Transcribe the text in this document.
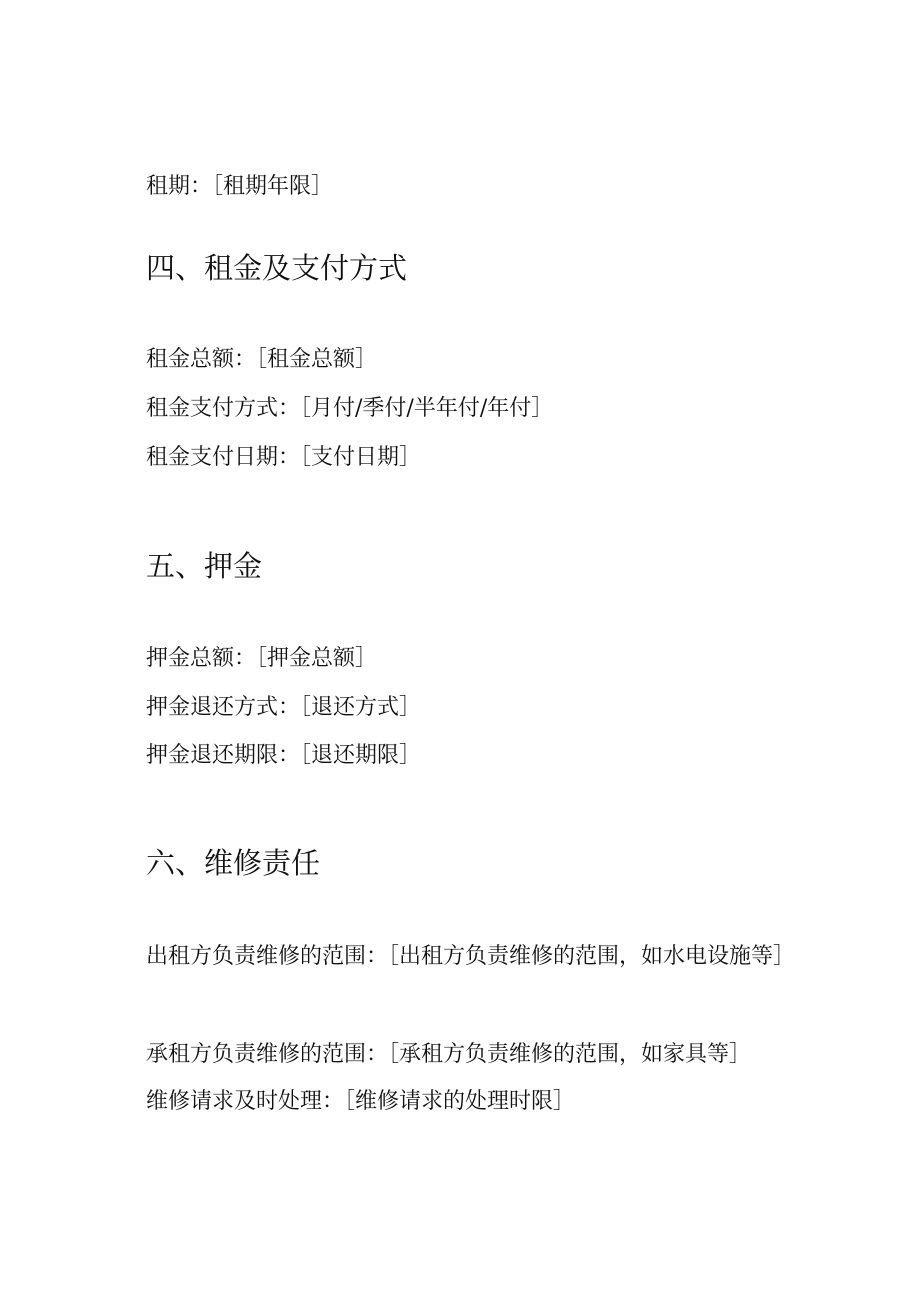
租期：［租期年限］
四、租金及支付方式
租金总额：［租金总额］
租金支付方式：［月付/季付/半年付/年付］
租金支付日期：［支付日期］
五、押金
押金总额：［押金总额］
押金退还方式：［退还方式］
押金退还期限：［退还期限］
六、维修责任
出租方负责维修的范围：［出租方负责维修的范围，如水电设施等］
承租方负责维修的范围：［承租方负责维修的范围，如家具等］
维修请求及时处理：［维修请求的处理时限］
